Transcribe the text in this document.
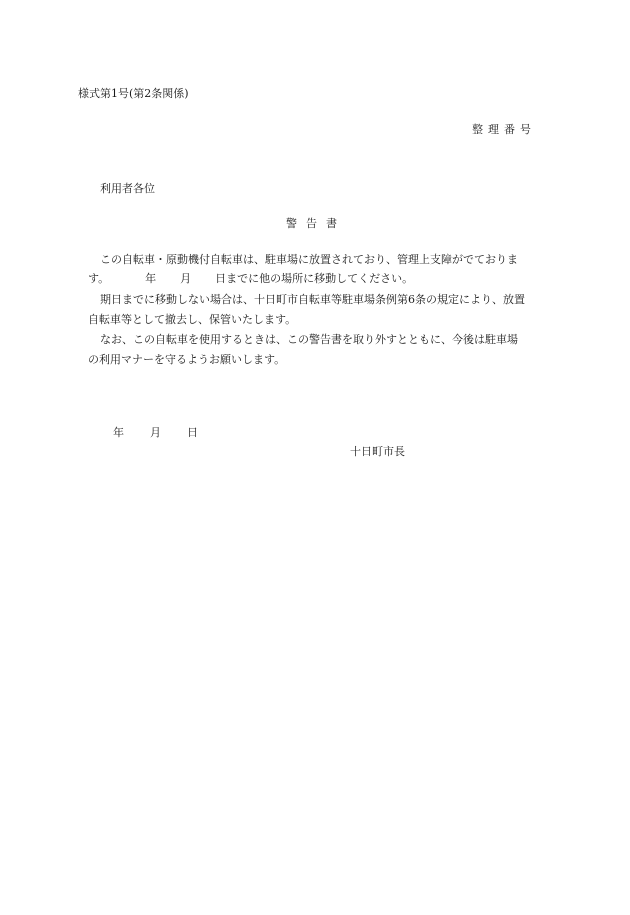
様式第1号(第2条関係)
整理番号
利用者各位
警告書
この自転車・原動機付自転車は、駐車場に放置されており、管理上支障がでておりま
す。	年 月 日までに他の場所に移動してください。
期日までに移動しない場合は、十日町市自転車等駐車場条例第6条の規定により、放置
自転車等として撤去し、保管いたします。
なお、この自転車を使用するときは、この警告書を取り外すとともに、今後は駐車場
の利用マナーを守るようお願いします。
年 月 日
十日町市長
